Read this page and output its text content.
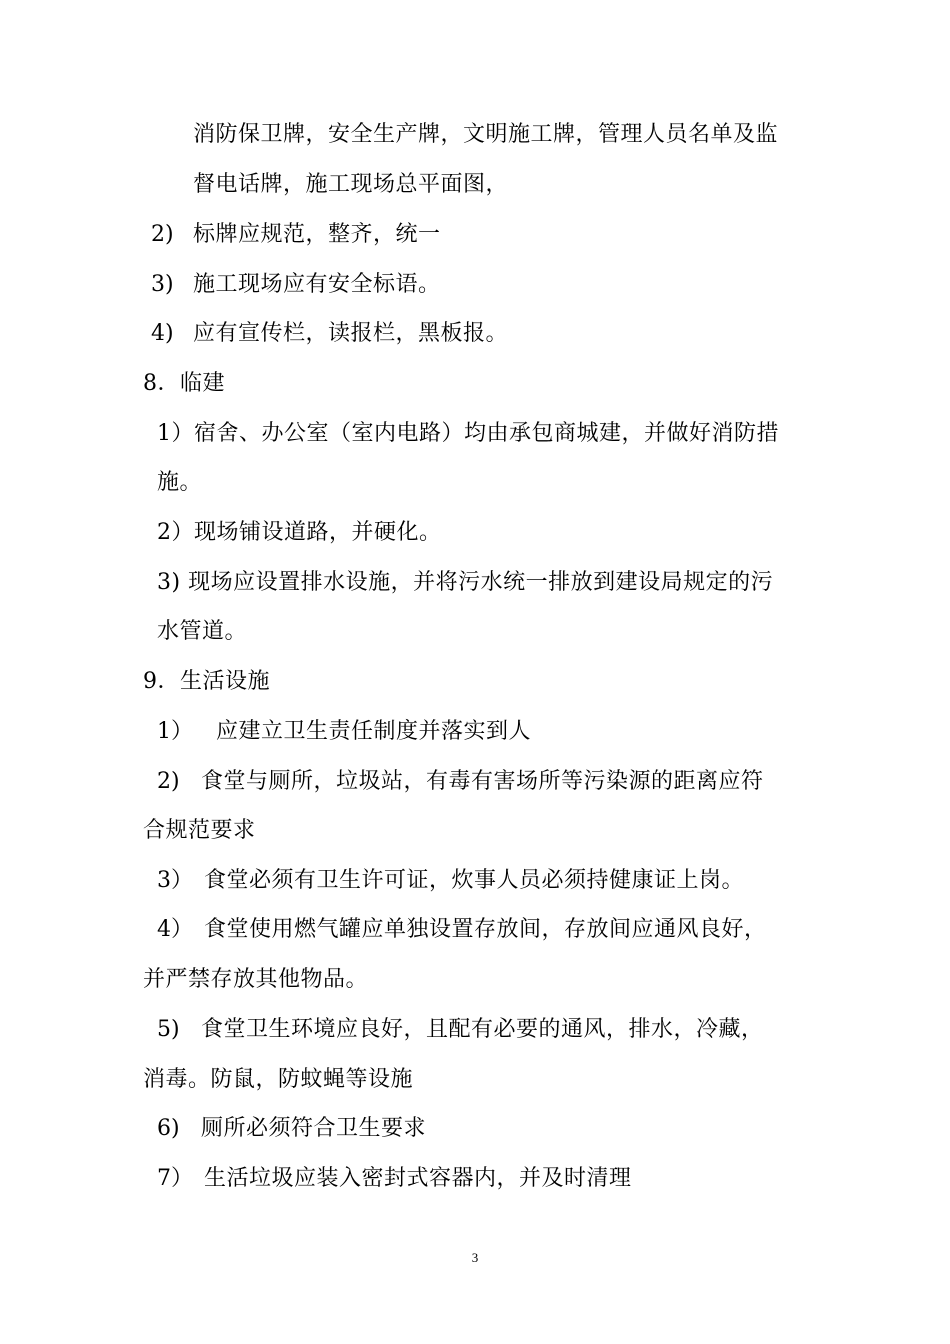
消防保卫牌，安全生产牌，文明施工牌，管理人员名单及监
督电话牌，施工现场总平面图，
2) 标牌应规范，整齐，统一
3) 施工现场应有安全标语。
4) 应有宣传栏，读报栏，黑板报。
8．临建
1）宿舍、办公室（室内电路）均由承包商城建，并做好消防措
施。
2）现场铺设道路，并硬化。
3) 现场应设置排水设施，并将污水统一排放到建设局规定的污
水管道。
9．生活设施
1） 应建立卫生责任制度并落实到人
2) 食堂与厕所，垃圾站，有毒有害场所等污染源的距离应符
合规范要求
3） 食堂必须有卫生许可证，炊事人员必须持健康证上岗。
4） 食堂使用燃气罐应单独设置存放间，存放间应通风良好，
并严禁存放其他物品。
5) 食堂卫生环境应良好，且配有必要的通风，排水，冷藏，
消毒。防鼠，防蚊蝇等设施
6) 厕所必须符合卫生要求
7） 生活垃圾应装入密封式容器内，并及时清理
3
